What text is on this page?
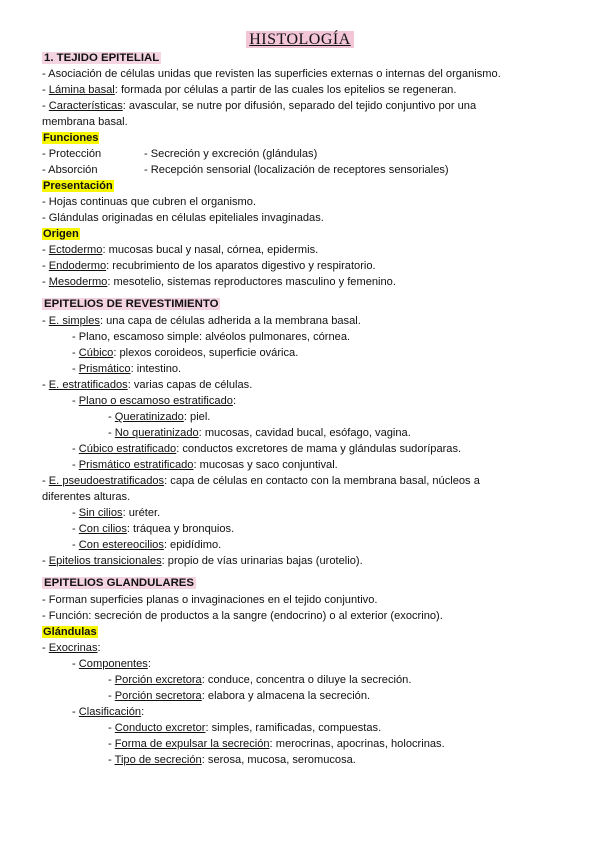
HISTOLOGÍA
1. TEJIDO EPITELIAL
- Asociación de células unidas que revisten las superficies externas o internas del organismo.
- Lámina basal: formada por células a partir de las cuales los epitelios se regeneran.
- Características: avascular, se nutre por difusión, separado del tejido conjuntivo por una
membrana basal.
Funciones
- Protección	- Secreción y excreción (glándulas)
- Absorción	- Recepción sensorial (localización de receptores sensoriales)
Presentación
- Hojas continuas que cubren el organismo.
- Glándulas originadas en células epiteliales invaginadas.
Origen
- Ectodermo: mucosas bucal y nasal, córnea, epidermis.
- Endodermo: recubrimiento de los aparatos digestivo y respiratorio.
- Mesodermo: mesotelio, sistemas reproductores masculino y femenino.
EPITELIOS DE REVESTIMIENTO
- E. simples: una capa de células adherida a la membrana basal.
- Plano, escamoso simple: alvéolos pulmonares, córnea.
- Cúbico: plexos coroideos, superficie ovárica.
- Prismático: intestino.
- E. estratificados: varias capas de células.
- Plano o escamoso estratificado:
- Queratinizado: piel.
- No queratinizado: mucosas, cavidad bucal, esófago, vagina.
- Cúbico estratificado: conductos excretores de mama y glándulas sudoríparas.
- Prismático estratificado: mucosas y saco conjuntival.
- E. pseudoestratificados: capa de células en contacto con la membrana basal, núcleos a
diferentes alturas.
- Sin cilios: uréter.
- Con cilios: tráquea y bronquios.
- Con estereocilios: epidídimo.
- Epitelios transicionales: propio de vías urinarias bajas (urotelio).
EPITELIOS GLANDULARES
- Forman superficies planas o invaginaciones en el tejido conjuntivo.
- Función: secreción de productos a la sangre (endocrino) o al exterior (exocrino).
Glándulas
- Exocrinas:
- Componentes:
- Porción excretora: conduce, concentra o diluye la secreción.
- Porción secretora: elabora y almacena la secreción.
- Clasificación:
- Conducto excretor: simples, ramificadas, compuestas.
- Forma de expulsar la secreción: merocrinas, apocrinas, holocrinas.
- Tipo de secreción: serosa, mucosa, seromucosa.
